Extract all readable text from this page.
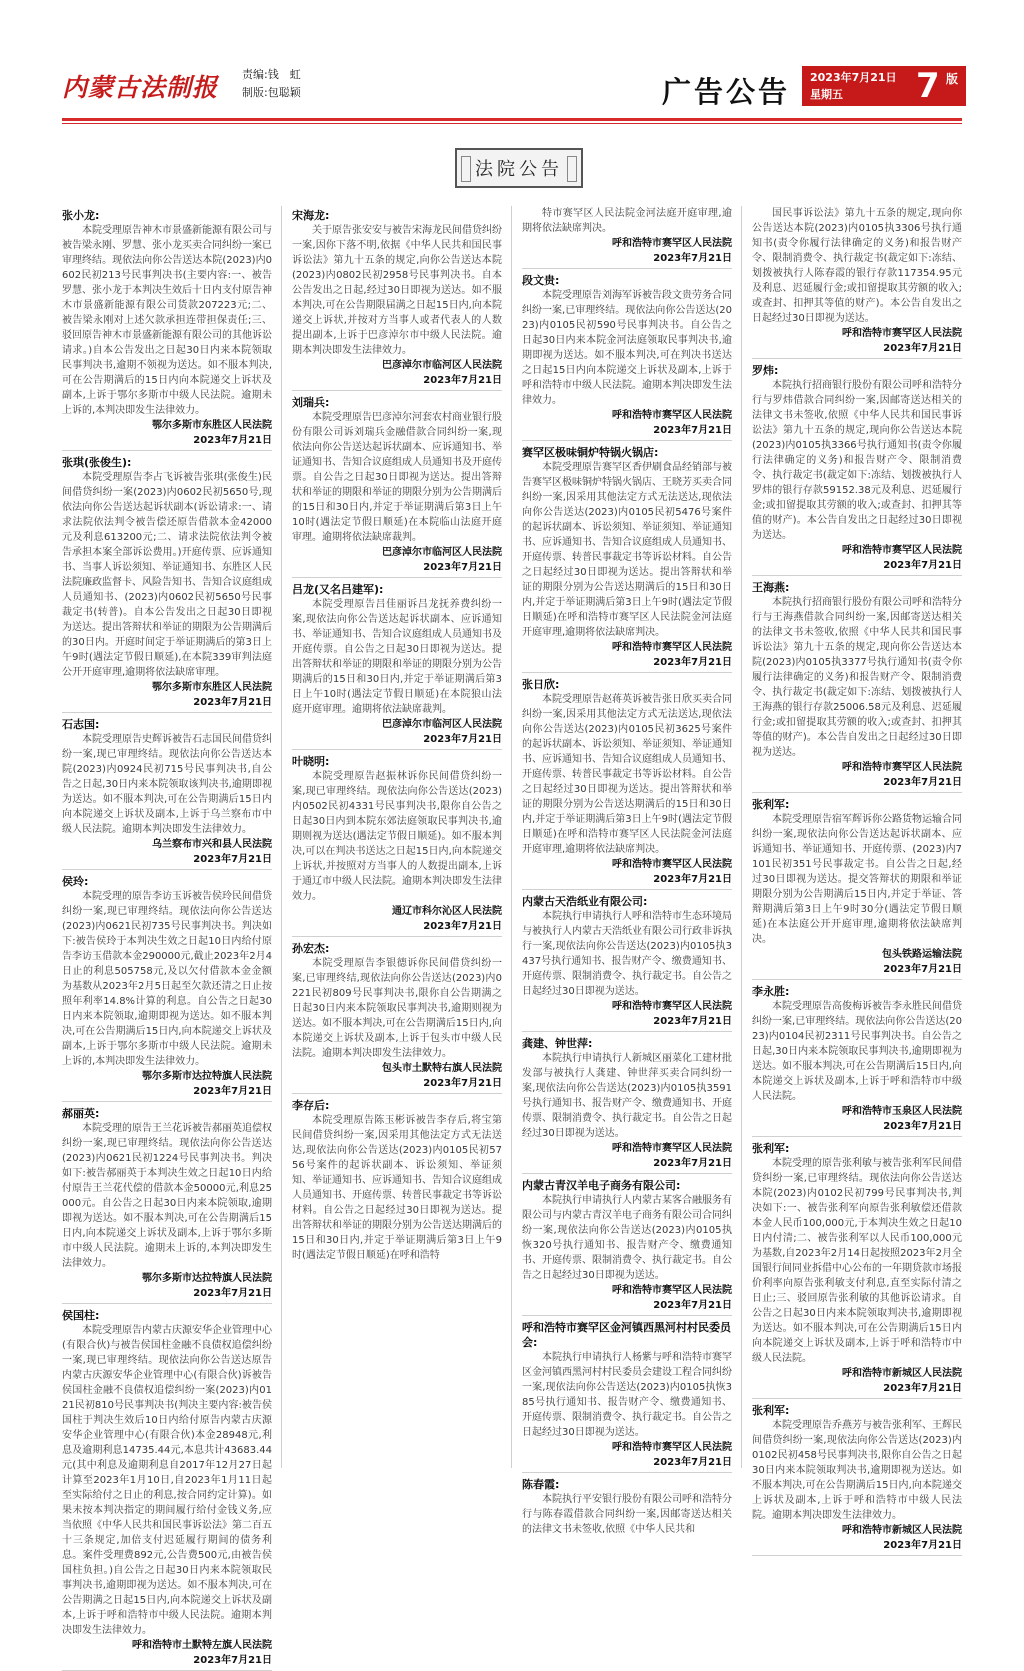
内蒙古法制报 责编:钱　虹
制版:包聪颖	广告公告 2023年7月21日
星期五	7 版
法院公告
张小龙:
本院受理原告神木市景盛新能源有限公司与被告梁永刚、罗慧、张小龙买卖合同纠纷一案已审理终结。现依法向你公告送达本院(2023)内0602民初213号民事判决书(主要内容:一、被告罗慧、张小龙于本判决生效后十日内支付原告神木市景盛新能源有限公司货款207223元;二、被告梁永刚对上述欠款承担连带担保责任;三、驳回原告神木市景盛新能源有限公司的其他诉讼请求。)自本公告发出之日起30日内来本院领取民事判决书,逾期不领视为送达。如不服本判决,可在公告期满后的15日内向本院递交上诉状及副本,上诉于鄂尔多斯市中级人民法院。逾期未上诉的,本判决即发生法律效力。
鄂尔多斯市东胜区人民法院
2023年7月21日
张琪(张俊生):
本院受理原告李占飞诉被告张琪(张俊生)民间借贷纠纷一案(2023)内0602民初5650号,现依法向你公告送达起诉状副本(诉讼请求:一、请求法院依法判令被告偿还原告借款本金42000元及利息613200元;二、请求法院依法判令被告承担本案全部诉讼费用。)开庭传票、应诉通知书、当事人诉讼须知、举证通知书、东胜区人民法院廉政监督卡、风险告知书、告知合议庭组成人员通知书、(2023)内0602民初5650号民事裁定书(转普)。自本公告发出之日起30日即视为送达。提出答辩状和举证的期限为公告期满后的30日内。开庭时间定于举证期满后的第3日上午9时(遇法定节假日顺延),在本院339审判法庭公开开庭审理,逾期将依法缺席审理。
鄂尔多斯市东胜区人民法院
2023年7月21日
石志国:
本院受理原告史辉诉被告石志国民间借贷纠纷一案,现已审理终结。现依法向你公告送达本院(2023)内0924民初715号民事判决书,自公告之日起,30日内来本院领取该判决书,逾期即视为送达。如不服本判决,可在公告期满后15日内向本院递交上诉状及副本,上诉于乌兰察布市中级人民法院。逾期本判决即发生法律效力。
乌兰察布市兴和县人民法院
2023年7月21日
侯玲:
本院受理的原告李访玉诉被告侯玲民间借贷纠纷一案,现已审理终结。现依法向你公告送达(2023)内0621民初735号民事判决书。判决如下:被告侯玲于本判决生效之日起10日内给付原告李访玉借款本金290000元,截止2023年2月4日止的利息505758元,及以欠付借款本金金额为基数从2023年2月5日起至欠款还清之日止按照年利率14.8%计算的利息。自公告之日起30日内来本院领取,逾期即视为送达。如不服本判决,可在公告期满后15日内,向本院递交上诉状及副本,上诉于鄂尔多斯市中级人民法院。逾期未上诉的,本判决即发生法律效力。
鄂尔多斯市达拉特旗人民法院
2023年7月21日
郝丽英:
本院受理的原告王兰花诉被告郝丽英追偿权纠纷一案,现已审理终结。现依法向你公告送达(2023)内0621民初1224号民事判决书。判决如下:被告郝丽英于本判决生效之日起10日内给付原告王兰花代偿的借款本金50000元,利息25000元。自公告之日起30日内来本院领取,逾期即视为送达。如不服本判决,可在公告期满后15日内,向本院递交上诉状及副本,上诉于鄂尔多斯市中级人民法院。逾期未上诉的,本判决即发生法律效力。
鄂尔多斯市达拉特旗人民法院
2023年7月21日
侯国柱:
本院受理原告内蒙古庆源安华企业管理中心(有限合伙)与被告侯国柱金融不良债权追偿纠纷一案,现已审理终结。现依法向你公告送达原告内蒙古庆源安华企业管理中心(有限合伙)诉被告侯国柱金融不良债权追偿纠纷一案(2023)内0121民初810号民事判决书(判决主要内容:被告侯国柱于判决生效后10日内给付原告内蒙古庆源安华企业管理中心(有限合伙)本金28948元,利息及逾期利息14735.44元,本息共计43683.44元(其中利息及逾期利息自2017年12月27日起计算至2023年1月10日,自2023年1月11日起至实际给付之日止的利息,按合同约定计算)。如果未按本判决指定的期间履行给付金钱义务,应当依照《中华人民共和国民事诉讼法》第二百五十三条规定,加倍支付迟延履行期间的债务利息。案件受理费892元,公告费500元,由被告侯国柱负担。)自公告之日起30日内来本院领取民事判决书,逾期即视为送达。如不服本判决,可在公告期满之日起15日内,向本院递交上诉状及副本,上诉于呼和浩特市中级人民法院。逾期本判决即发生法律效力。
呼和浩特市土默特左旗人民法院
2023年7月21日
宋海龙:
关于原告张安安与被告宋海龙民间借贷纠纷一案,因你下落不明,依据《中华人民共和国民事诉讼法》第九十五条的规定,向你公告送达本院(2023)内0802民初2958号民事判决书。自本公告发出之日起,经过30日即视为送达。如不服本判决,可在公告期限届满之日起15日内,向本院递交上诉状,并按对方当事人或者代表人的人数提出副本,上诉于巴彦淖尔市中级人民法院。逾期本判决即发生法律效力。
巴彦淖尔市临河区人民法院
2023年7月21日
刘瑞兵:
本院受理原告巴彦淖尔河套农村商业银行股份有限公司诉刘瑞兵金融借款合同纠纷一案,现依法向你公告送达起诉状副本、应诉通知书、举证通知书、告知合议庭组成人员通知书及开庭传票。自公告之日起30日即视为送达。提出答辩状和举证的期限和举证的期限分别为公告期满后的15日和30日内,并定于举证期满后第3日上午10时(遇法定节假日顺延)在本院临山法庭开庭审理。逾期将依法缺席裁判。
巴彦淖尔市临河区人民法院
2023年7月21日
吕龙(又名吕建军):
本院受理原告吕佳丽诉吕龙抚养费纠纷一案,现依法向你公告送达起诉状副本、应诉通知书、举证通知书、告知合议庭组成人员通知书及开庭传票。自公告之日起30日即视为送达。提出答辩状和举证的期限和举证的期限分别为公告期满后的15日和30日内,并定于举证期满后第3日上午10时(遇法定节假日顺延)在本院狼山法庭开庭审理。逾期将依法缺席裁判。
巴彦淖尔市临河区人民法院
2023年7月21日
叶晓明:
本院受理原告赵振林诉你民间借贷纠纷一案,现已审理终结。现依法向你公告送达(2023)内0502民初4331号民事判决书,限你自公告之日起30日内到本院东郊法庭领取民事判决书,逾期则视为送达(遇法定节假日顺延)。如不服本判决,可以在判决书送达之日起15日内,向本院递交上诉状,并按照对方当事人的人数提出副本,上诉于通辽市中级人民法院。逾期本判决即发生法律效力。
通辽市科尔沁区人民法院
2023年7月21日
孙宏杰:
本院受理原告李银德诉你民间借贷纠纷一案,已审理终结,现依法向你公告送达(2023)内0221民初809号民事判决书,限你自公告期满之日起30日内来本院领取民事判决书,逾期则视为送达。如不服本判决,可在公告期满后15日内,向本院递交上诉状及副本,上诉于包头市中级人民法院。逾期本判决即发生法律效力。
包头市土默特右旗人民法院
2023年7月21日
李存后:
本院受理原告陈玉彬诉被告李存后,将宝第民间借贷纠纷一案,因采用其他法定方式无法送达,现依法向你公告送达(2023)内0105民初5756号案件的起诉状副本、诉讼须知、举证须知、举证通知书、应诉通知书、告知合议庭组成人员通知书、开庭传票、转普民事裁定书等诉讼材料。自公告之日起经过30日即视为送达。提出答辩状和举证的期限分别为公告送达期满后的15日和30日内,并定于举证期满后第3日上午9时(遇法定节假日顺延)在呼和浩特
特市赛罕区人民法院金河法庭开庭审理,逾期将依法缺席判决。
呼和浩特市赛罕区人民法院
2023年7月21日
段文贵:
本院受理原告刘海军诉被告段文贵劳务合同纠纷一案,已审理终结。现依法向你公告送达(2023)内0105民初590号民事判决书。自公告之日起30日内来本院金河法庭领取民事判决书,逾期即视为送达。如不服本判决,可在判决书送达之日起15日内向本院递交上诉状及副本,上诉于呼和浩特市中级人民法院。逾期本判决即发生法律效力。
呼和浩特市赛罕区人民法院
2023年7月21日
赛罕区极味铜炉特锅火锅店:
本院受理原告赛罕区香伊刷食品经销部与被告赛罕区极味铜炉特锅火锅店、王晓芳买卖合同纠纷一案,因采用其他法定方式无法送达,现依法向你公告送达(2023)内0105民初5476号案件的起诉状副本、诉讼须知、举证须知、举证通知书、应诉通知书、告知合议庭组成人员通知书、开庭传票、转普民事裁定书等诉讼材料。自公告之日起经过30日即视为送达。提出答辩状和举证的期限分别为公告送达期满后的15日和30日内,并定于举证期满后第3日上午9时(遇法定节假日顺延)在呼和浩特市赛罕区人民法院金河法庭开庭审理,逾期将依法缺席判决。
呼和浩特市赛罕区人民法院
2023年7月21日
张日欣:
本院受理原告赵蒋英诉被告张日欣买卖合同纠纷一案,因采用其他法定方式无法送达,现依法向你公告送达(2023)内0105民初3625号案件的起诉状副本、诉讼须知、举证须知、举证通知书、应诉通知书、告知合议庭组成人员通知书、开庭传票、转普民事裁定书等诉讼材料。自公告之日起经过30日即视为送达。提出答辩状和举证的期限分别为公告送达期满后的15日和30日内,并定于举证期满后第3日上午9时(遇法定节假日顺延)在呼和浩特市赛罕区人民法院金河法庭开庭审理,逾期将依法缺席判决。
呼和浩特市赛罕区人民法院
2023年7月21日
内蒙古天浩纸业有限公司:
本院执行申请执行人呼和浩特市生态环境局与被执行人内蒙古天浩纸业有限公司行政非诉执行一案,现依法向你公告送达(2023)内0105执3437号执行通知书、报告财产令、缴费通知书、开庭传票、限制消费令、执行裁定书。自公告之日起经过30日即视为送达。
呼和浩特市赛罕区人民法院
2023年7月21日
龚建、钟世萍:
本院执行申请执行人新城区丽菜化工建材批发部与被执行人龚建、钟世萍买卖合同纠纷一案,现依法向你公告送达(2023)内0105执3591号执行通知书、报告财产令、缴费通知书、开庭传票、限制消费令、执行裁定书。自公告之日起经过30日即视为送达。
呼和浩特市赛罕区人民法院
2023年7月21日
内蒙古青汉羊电子商务有限公司:
本院执行申请执行人内蒙古某客合融服务有限公司与内蒙古青汉羊电子商务有限公司合同纠纷一案,现依法向你公告送达(2023)内0105执恢320号执行通知书、报告财产令、缴费通知书、开庭传票、限制消费令、执行裁定书。自公告之日起经过30日即视为送达。
呼和浩特市赛罕区人民法院
2023年7月21日
呼和浩特市赛罕区金河镇西黑河村村民委员会:
本院执行申请执行人杨紫与呼和浩特市赛罕区金河镇西黑河村村民委员会建设工程合同纠纷一案,现依法向你公告送达(2023)内0105执恢385号执行通知书、报告财产令、缴费通知书、开庭传票、限制消费令、执行裁定书。自公告之日起经过30日即视为送达。
呼和浩特市赛罕区人民法院
2023年7月21日
陈春霞:
本院执行平安银行股份有限公司呼和浩特分行与陈春霞借款合同纠纷一案,因邮寄送达相关的法律文书未签收,依照《中华人民共和
国民事诉讼法》第九十五条的规定,现向你公告送达本院(2023)内0105执3306号执行通知书(责令你履行法律确定的义务)和报告财产令、限制消费令、执行裁定书(裁定如下:冻结、划拨被执行人陈春霞的银行存款117354.95元及利息、迟延履行金;或扣留提取其劳额的收入;或查封、扣押其等值的财产)。本公告自发出之日起经过30日即视为送达。
呼和浩特市赛罕区人民法院
2023年7月21日
罗炜:
本院执行招商银行股份有限公司呼和浩特分行与罗炜借款合同纠纷一案,因邮寄送达相关的法律文书未签收,依照《中华人民共和国民事诉讼法》第九十五条的规定,现向你公告送达本院(2023)内0105执3366号执行通知书(责令你履行法律确定的义务)和报告财产令、限制消费令、执行裁定书(裁定如下:冻结、划拨被执行人罗炜的银行存款59152.38元及利息、迟延履行金;或扣留提取其劳额的收入;或查封、扣押其等值的财产)。本公告自发出之日起经过30日即视为送达。
呼和浩特市赛罕区人民法院
2023年7月21日
王海燕:
本院执行招商银行股份有限公司呼和浩特分行与王海燕借款合同纠纷一案,因邮寄送达相关的法律文书未签收,依照《中华人民共和国民事诉讼法》第九十五条的规定,现向你公告送达本院(2023)内0105执3377号执行通知书(责令你履行法律确定的义务)和报告财产令、限制消费令、执行裁定书(裁定如下:冻结、划拨被执行人王海燕的银行存款25006.58元及利息、迟延履行金;或扣留提取其劳额的收入;或查封、扣押其等值的财产)。本公告自发出之日起经过30日即视为送达。
呼和浩特市赛罕区人民法院
2023年7月21日
张利军:
本院受理原告宿军辉诉你公路货物运输合同纠纷一案,现依法向你公告送达起诉状副本、应诉通知书、举证通知书、开庭传票、(2023)内7101民初351号民事裁定书。自公告之日起,经过30日即视为送达。提交答辩状的期限和举证期限分别为公告期满后15日内,并定于举证、答辩期满后第3日上午9时30分(遇法定节假日顺延)在本法庭公开开庭审理,逾期将依法缺席判决。
包头铁路运输法院
2023年7月21日
李永胜:
本院受理原告高俊梅诉被告李永胜民间借贷纠纷一案,已审理终结。现依法向你公告送达(2023)内0104民初2311号民事判决书。自公告之日起,30日内来本院领取民事判决书,逾期即视为送达。如不服本判决,可在公告期满后15日内,向本院递交上诉状及副本,上诉于呼和浩特市中级人民法院。
呼和浩特市玉泉区人民法院
2023年7月21日
张利军:
本院受理的原告张利敏与被告张利军民间借贷纠纷一案,已审理终结。现依法向你公告送达本院(2023)内0102民初799号民事判决书,判决如下:一、被告张利军向原告张利敏偿还借款本金人民币100,000元,于本判决生效之日起10日内付清;二、被告张利军以人民币100,000元为基数,自2023年2月14日起按照2023年2月全国银行间同业拆借中心公布的一年期贷款市场报价利率向原告张利敏支付利息,直至实际付清之日止;三、驳回原告张利敏的其他诉讼请求。自公告之日起30日内来本院领取判决书,逾期即视为送达。如不服本判决,可在公告期满后15日内向本院递交上诉状及副本,上诉于呼和浩特市中级人民法院。
呼和浩特市新城区人民法院
2023年7月21日
张利军:
本院受理原告乔燕芳与被告张利军、王辉民间借贷纠纷一案,现依法向你公告送达(2023)内0102民初458号民事判决书,限你自公告之日起30日内来本院领取判决书,逾期即视为送达。如不服本判决,可在公告期满后15日内,向本院递交上诉状及副本,上诉于呼和浩特市中级人民法院。逾期本判决即发生法律效力。
呼和浩特市新城区人民法院
2023年7月21日
